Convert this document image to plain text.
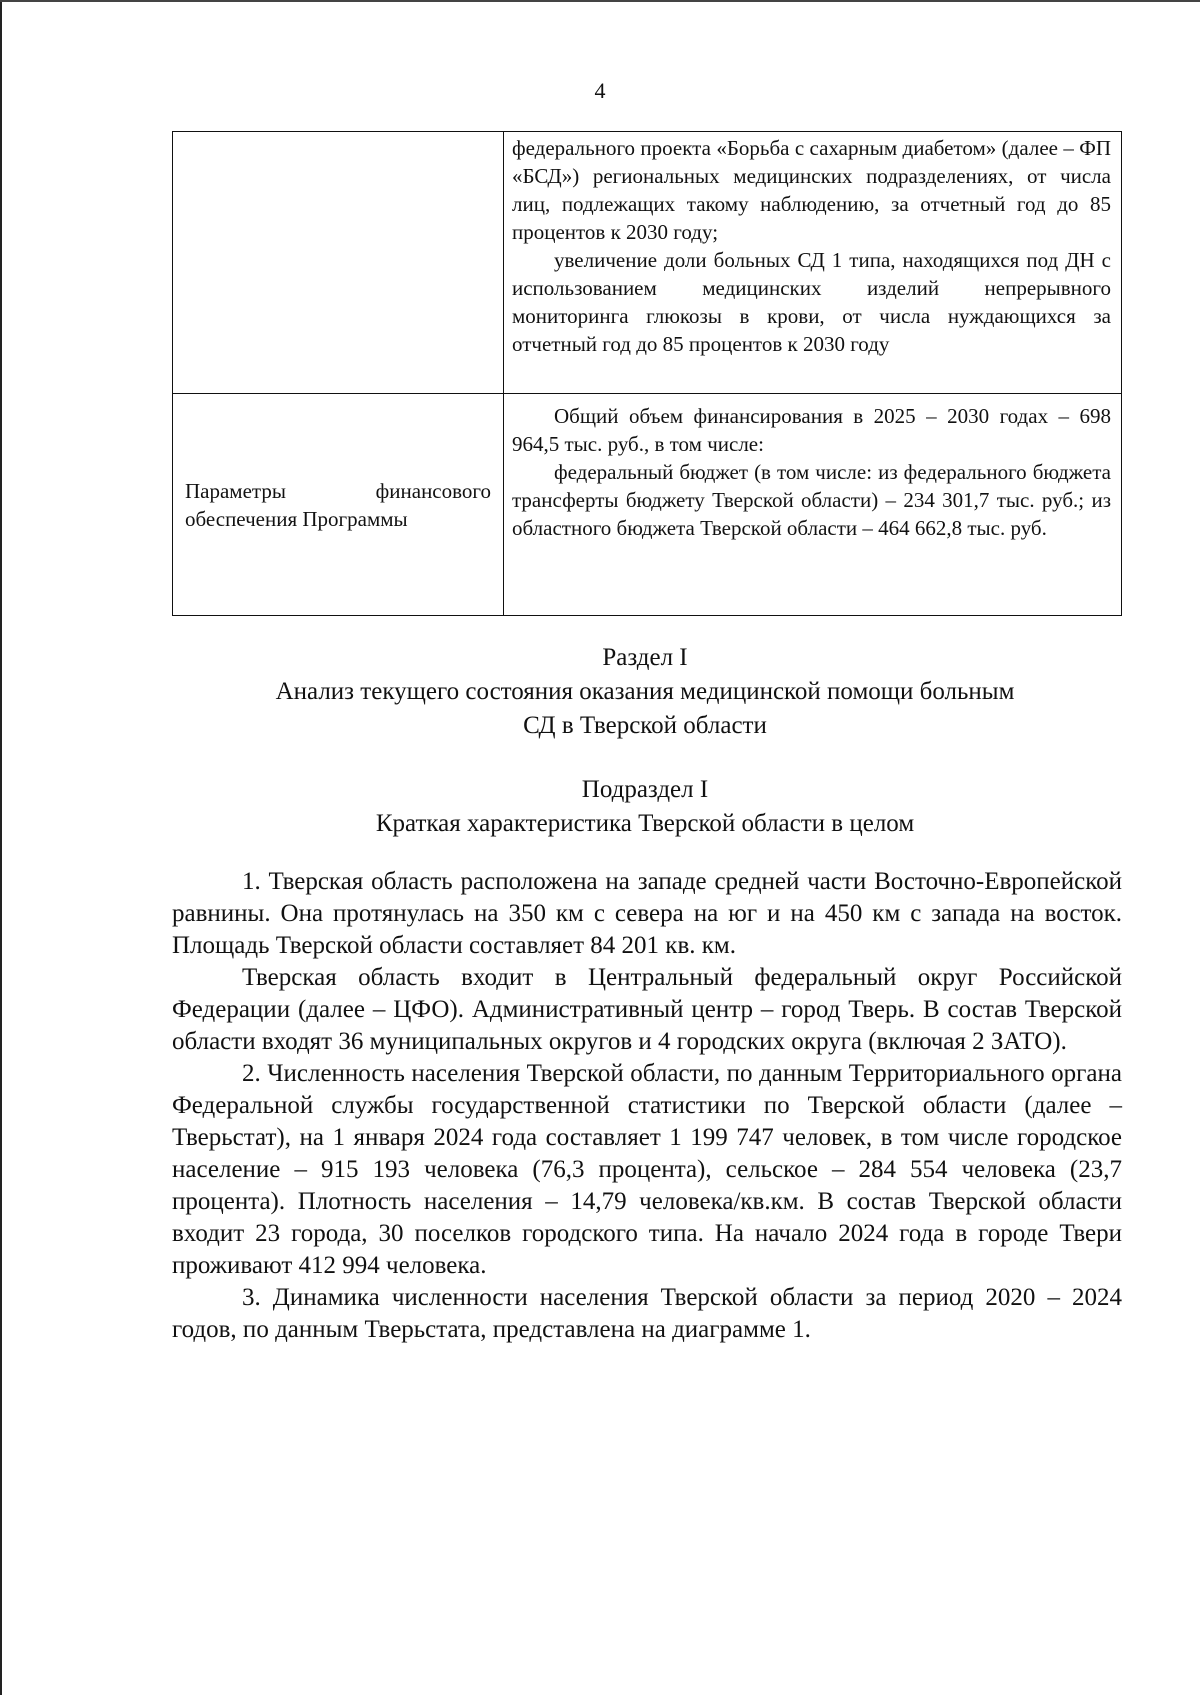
4

	федерального проекта «Борьба с сахарным диабетом» (далее – ФП «БСД») региональных медицинских подразделениях, от числа лиц, подлежащих такому наблюдению, за отчетный год до 85 процентов к 2030 году;

увеличение доли больных СД 1 типа, находящихся под ДН с использованием медицинских изделий непрерывного мониторинга глюкозы в крови, от числа нуждающихся за отчетный год до 85 процентов к 2030 году

Параметры финансового обеспечения Программы	Общий объем финансирования в 2025 – 2030 годах – 698 964,5 тыс. руб., в том числе:

федеральный бюджет (в том числе: из федерального бюджета трансферты бюджету Тверской области) – 234 301,7 тыс. руб.; из областного бюджета Тверской области – 464 662,8 тыс. руб.

Раздел I

Анализ текущего состояния оказания медицинской помощи больным

СД в Тверской области

Подраздел I

Краткая характеристика Тверской области в целом

1. Тверская область расположена на западе средней части Восточно-Европейской равнины. Она протянулась на 350 км с севера на юг и на 450 км с запада на восток. Площадь Тверской области составляет 84 201 кв. км.

Тверская область входит в Центральный федеральный округ Российской Федерации (далее – ЦФО). Административный центр – город Тверь. В состав Тверской области входят 36 муниципальных округов и 4 городских округа (включая 2 ЗАТО).

2. Численность населения Тверской области, по данным Территориального органа Федеральной службы государственной статистики по Тверской области (далее – Тверьстат), на 1 января 2024 года составляет 1 199 747 человек, в том числе городское население – 915 193 человека (76,3 процента), сельское – 284 554 человека (23,7 процента). Плотность населения – 14,79 человека/кв.км. В состав Тверской области входит 23 города, 30 поселков городского типа. На начало 2024 года в городе Твери проживают 412 994 человека.

3. Динамика численности населения Тверской области за период 2020 – 2024 годов, по данным Тверьстата, представлена на диаграмме 1.
